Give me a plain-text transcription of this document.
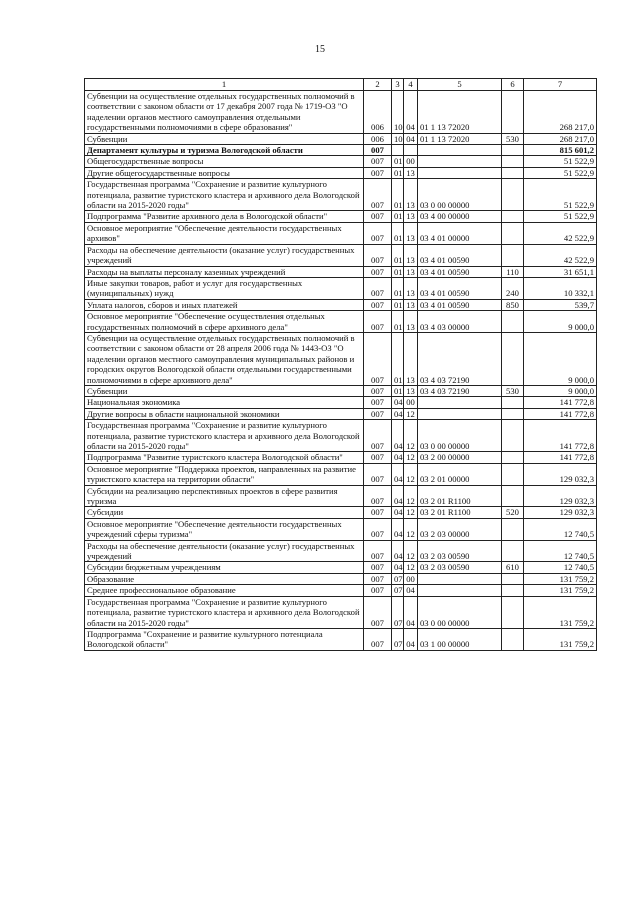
15
1	2	3	4	5	6	7
Субвенции на осуществление отдельных государственных полномочий в соответствии с законом области от 17 декабря 2007 года № 1719-ОЗ "О наделении органов местного самоуправления отдельными государственными полномочиями в сфере образования"	006	10	04	01 1 13 72020		268 217,0
Субвенции	006	10	04	01 1 13 72020	530	268 217,0
Департамент культуры и туризма Вологодской области	007					815 601,2
Общегосударственные вопросы	007	01	00			51 522,9
Другие общегосударственные вопросы	007	01	13			51 522,9
Государственная программа "Сохранение и развитие культурного потенциала, развитие туристского кластера и архивного дела Вологодской области на 2015-2020 годы"	007	01	13	03 0 00 00000		51 522,9
Подпрограмма "Развитие архивного дела в Вологодской области"	007	01	13	03 4 00 00000		51 522,9
Основное мероприятие "Обеспечение деятельности государственных архивов"	007	01	13	03 4 01 00000		42 522,9
Расходы на обеспечение деятельности (оказание услуг) государственных учреждений	007	01	13	03 4 01 00590		42 522,9
Расходы на выплаты персоналу казенных учреждений	007	01	13	03 4 01 00590	110	31 651,1
Иные закупки товаров, работ и услуг для государственных (муниципальных) нужд	007	01	13	03 4 01 00590	240	10 332,1
Уплата налогов, сборов и иных платежей	007	01	13	03 4 01 00590	850	539,7
Основное мероприятие "Обеспечение осуществления отдельных государственных полномочий в сфере архивного дела"	007	01	13	03 4 03 00000		9 000,0
Субвенции на осуществление отдельных государственных полномочий в соответствии с законом области от 28 апреля 2006 года № 1443-ОЗ "О наделении органов местного самоуправления муниципальных районов и городских округов Вологодской области отдельными государственными полномочиями в сфере архивного дела"	007	01	13	03 4 03 72190		9 000,0
Субвенции	007	01	13	03 4 03 72190	530	9 000,0
Национальная экономика	007	04	00			141 772,8
Другие вопросы в области национальной экономики	007	04	12			141 772,8
Государственная программа "Сохранение и развитие культурного потенциала, развитие туристского кластера и архивного дела Вологодской области на 2015-2020 годы"	007	04	12	03 0 00 00000		141 772,8
Подпрограмма "Развитие туристского кластера Вологодской области"	007	04	12	03 2 00 00000		141 772,8
Основное мероприятие "Поддержка проектов, направленных на развитие туристского кластера на территории области"	007	04	12	03 2 01 00000		129 032,3
Субсидии на реализацию перспективных проектов в сфере развития туризма	007	04	12	03 2 01 R1100		129 032,3
Субсидии	007	04	12	03 2 01 R1100	520	129 032,3
Основное мероприятие "Обеспечение деятельности государственных учреждений сферы туризма"	007	04	12	03 2 03 00000		12 740,5
Расходы на обеспечение деятельности (оказание услуг) государственных учреждений	007	04	12	03 2 03 00590		12 740,5
Субсидии бюджетным учреждениям	007	04	12	03 2 03 00590	610	12 740,5
Образование	007	07	00			131 759,2
Среднее профессиональное образование	007	07	04			131 759,2
Государственная программа "Сохранение и развитие культурного потенциала, развитие туристского кластера и архивного дела Вологодской области на 2015-2020 годы"	007	07	04	03 0 00 00000		131 759,2
Подпрограмма "Сохранение и развитие культурного потенциала Вологодской области"	007	07	04	03 1 00 00000		131 759,2
